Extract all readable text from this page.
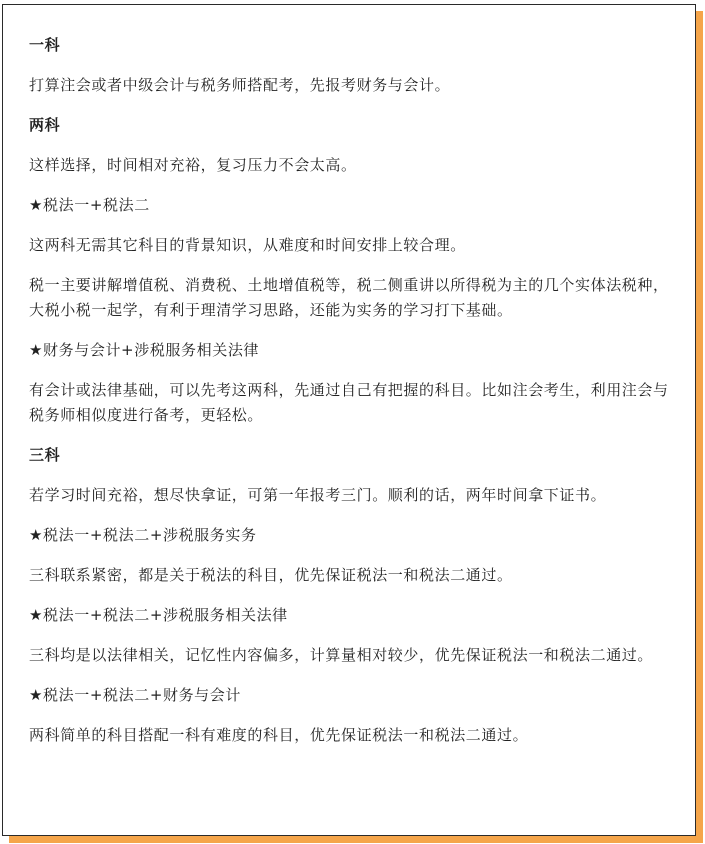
一科
打算注会或者中级会计与税务师搭配考，先报考财务与会计。
两科
这样选择，时间相对充裕，复习压力不会太高。
★税法一+税法二
这两科无需其它科目的背景知识，从难度和时间安排上较合理。
税一主要讲解增值税、消费税、土地增值税等，税二侧重讲以所得税为主的几个实体法税种，大税小税一起学，有利于理清学习思路，还能为实务的学习打下基础。
★财务与会计+涉税服务相关法律
有会计或法律基础，可以先考这两科，先通过自己有把握的科目。比如注会考生，利用注会与税务师相似度进行备考，更轻松。
三科
若学习时间充裕，想尽快拿证，可第一年报考三门。顺利的话，两年时间拿下证书。
★税法一+税法二+涉税服务实务
三科联系紧密，都是关于税法的科目，优先保证税法一和税法二通过。
★税法一+税法二+涉税服务相关法律
三科均是以法律相关，记忆性内容偏多，计算量相对较少，优先保证税法一和税法二通过。
★税法一+税法二+财务与会计
两科简单的科目搭配一科有难度的科目，优先保证税法一和税法二通过。
